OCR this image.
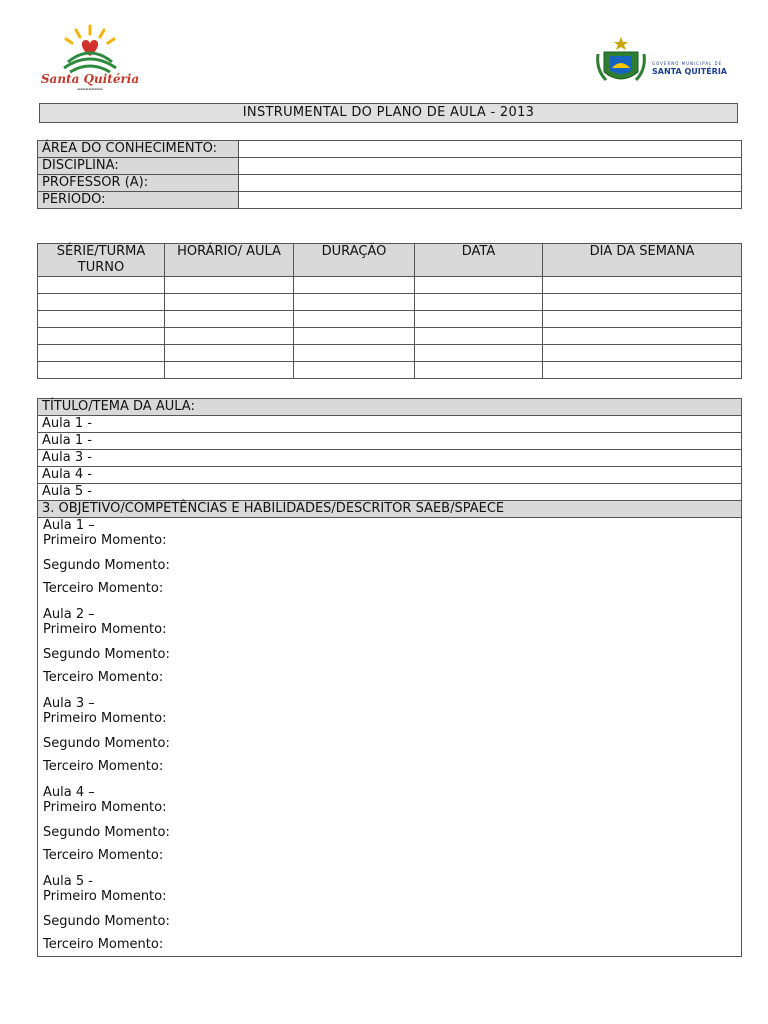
Santa Quitéria
▬▬▬▬▬▬▬▬▬
GOVERNO MUNICIPAL DE
SANTA QUITÉRIA
INSTRUMENTAL DO PLANO DE AULA - 2013
ÁREA DO CONHECIMENTO:	
DISCIPLINA:	
PROFESSOR (A):	
PERIODO:	
SÉRIE/TURMA TURNO	HORÁRIO/ AULA	DURAÇÃO	DATA	DIA DA SEMANA

TÍTULO/TEMA DA AULA:
Aula 1 -
Aula 1 -
Aula 3 -
Aula 4 -
Aula 5 -
3. OBJETIVO/COMPETÊNCIAS E HABILIDADES/DESCRITOR SAEB/SPAECE

Aula 1 –
Primeiro Momento:
Segundo Momento:
Terceiro Momento:
Aula 2 –
Primeiro Momento:
Segundo Momento:
Terceiro Momento:
Aula 3 –
Primeiro Momento:
Segundo Momento:
Terceiro Momento:
Aula 4 –
Primeiro Momento:
Segundo Momento:
Terceiro Momento:
Aula 5 -
Primeiro Momento:
Segundo Momento:
Terceiro Momento:
